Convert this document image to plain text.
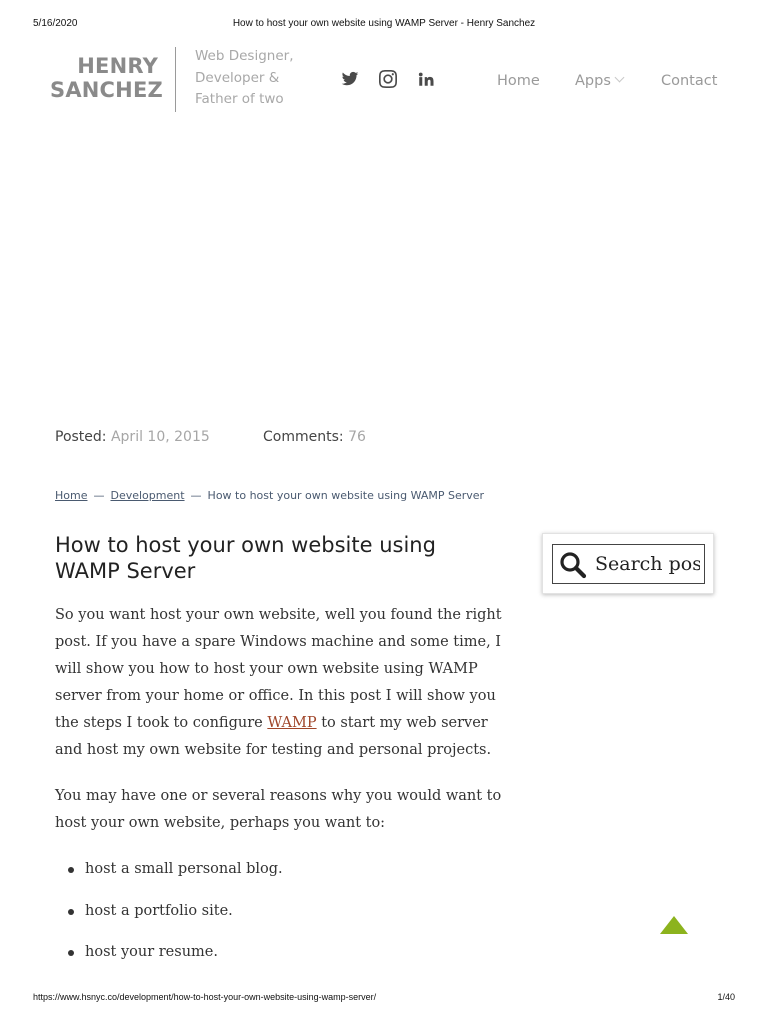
5/16/2020	How to host your own website using WAMP Server - Henry Sanchez
HENRY
SANCHEZ
Web Designer,
Developer &
Father of two
Home Apps	Contact
Posted: April 10, 2015	Comments: 76
Home — Development — How to host your own website using WAMP Server
How to host your own website using WAMP Server

So you want host your own website, well you found the right post. If you have a spare Windows machine and some time, I will show you how to host your own website using WAMP server from your home or office. In this post I will show you the steps I took to configure WAMP to start my web server and host my own website for testing and personal projects.

You may have one or several reasons why you would want to host your own website, perhaps you want to:

host a small personal blog.
host a portfolio site.
host your resume.
Search posts
https://www.hsnyc.co/development/how-to-host-your-own-website-using-wamp-server/	1/40
